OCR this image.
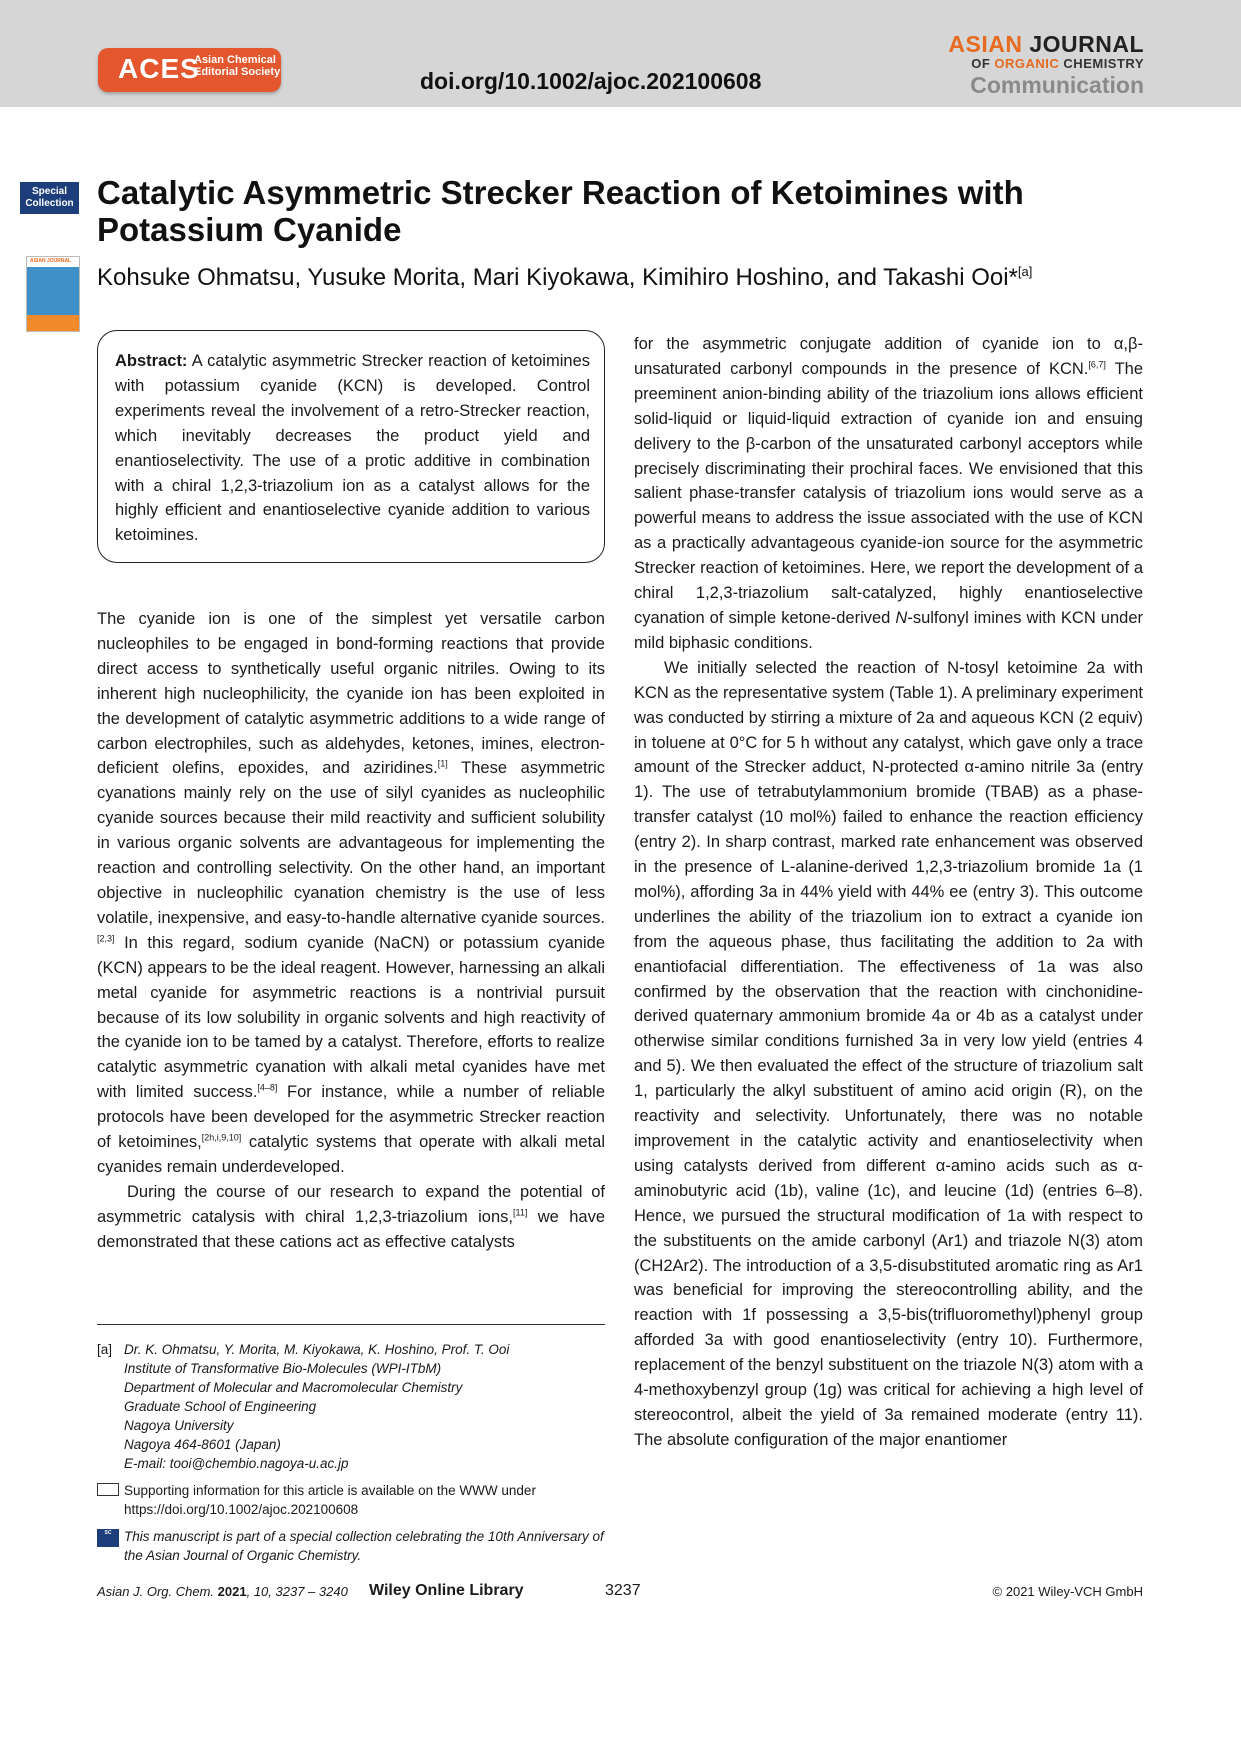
ACES
Asian Chemical
Editorial Society	doi.org/10.1002/ajoc.202100608
ASIAN JOURNAL
OF ORGANIC CHEMISTRY
Communication
Special
Collection
ASIAN JOURNAL
Catalytic Asymmetric Strecker Reaction of Ketoimines with Potassium Cyanide
Kohsuke Ohmatsu, Yusuke Morita, Mari Kiyokawa, Kimihiro Hoshino, and Takashi Ooi*[a]

Abstract: A catalytic asymmetric Strecker reaction of ketoimines with potassium cyanide (KCN) is developed. Control experiments reveal the involvement of a retro-Strecker reaction, which inevitably decreases the product yield and enantioselectivity. The use of a protic additive in combination with a chiral 1,2,3-triazolium ion as a catalyst allows for the highly efficient and enantioselective cyanide addition to various ketoimines.

The cyanide ion is one of the simplest yet versatile carbon nucleophiles to be engaged in bond-forming reactions that provide direct access to synthetically useful organic nitriles. Owing to its inherent high nucleophilicity, the cyanide ion has been exploited in the development of catalytic asymmetric additions to a wide range of carbon electrophiles, such as aldehydes, ketones, imines, electron-deficient olefins, epoxides, and aziridines.[1] These asymmetric cyanations mainly rely on the use of silyl cyanides as nucleophilic cyanide sources because their mild reactivity and sufficient solubility in various organic solvents are advantageous for implementing the reaction and controlling selectivity. On the other hand, an important objective in nucleophilic cyanation chemistry is the use of less volatile, inexpensive, and easy-to-handle alternative cyanide sources.[2,3] In this regard, sodium cyanide (NaCN) or potassium cyanide (KCN) appears to be the ideal reagent. However, harnessing an alkali metal cyanide for asymmetric reactions is a nontrivial pursuit because of its low solubility in organic solvents and high reactivity of the cyanide ion to be tamed by a catalyst. Therefore, efforts to realize catalytic asymmetric cyanation with alkali metal cyanides have met with limited success.[4–8] For instance, while a number of reliable protocols have been developed for the asymmetric Strecker reaction of ketoimines,[2h,i,9,10] catalytic systems that operate with alkali metal cyanides remain underdeveloped.

During the course of our research to expand the potential of asymmetric catalysis with chiral 1,2,3-triazolium ions,[11] we have demonstrated that these cations act as effective catalysts

for the asymmetric conjugate addition of cyanide ion to α,β-unsaturated carbonyl compounds in the presence of KCN.[6,7] The preeminent anion-binding ability of the triazolium ions allows efficient solid-liquid or liquid-liquid extraction of cyanide ion and ensuing delivery to the β-carbon of the unsaturated carbonyl acceptors while precisely discriminating their prochiral faces. We envisioned that this salient phase-transfer catalysis of triazolium ions would serve as a powerful means to address the issue associated with the use of KCN as a practically advantageous cyanide-ion source for the asymmetric Strecker reaction of ketoimines. Here, we report the development of a chiral 1,2,3-triazolium salt-catalyzed, highly enantioselective cyanation of simple ketone-derived N-sulfonyl imines with KCN under mild biphasic conditions.

We initially selected the reaction of N-tosyl ketoimine 2a with KCN as the representative system (Table 1). A preliminary experiment was conducted by stirring a mixture of 2a and aqueous KCN (2 equiv) in toluene at 0°C for 5 h without any catalyst, which gave only a trace amount of the Strecker adduct, N-protected α-amino nitrile 3a (entry 1). The use of tetrabutylammonium bromide (TBAB) as a phase-transfer catalyst (10 mol%) failed to enhance the reaction efficiency (entry 2). In sharp contrast, marked rate enhancement was observed in the presence of L-alanine-derived 1,2,3-triazolium bromide 1a (1 mol%), affording 3a in 44% yield with 44% ee (entry 3). This outcome underlines the ability of the triazolium ion to extract a cyanide ion from the aqueous phase, thus facilitating the addition to 2a with enantiofacial differentiation. The effectiveness of 1a was also confirmed by the observation that the reaction with cinchonidine-derived quaternary ammonium bromide 4a or 4b as a catalyst under otherwise similar conditions furnished 3a in very low yield (entries 4 and 5). We then evaluated the effect of the structure of triazolium salt 1, particularly the alkyl substituent of amino acid origin (R), on the reactivity and selectivity. Unfortunately, there was no notable improvement in the catalytic activity and enantioselectivity when using catalysts derived from different α-amino acids such as α-aminobutyric acid (1b), valine (1c), and leucine (1d) (entries 6–8). Hence, we pursued the structural modification of 1a with respect to the substituents on the amide carbonyl (Ar1) and triazole N(3) atom (CH2Ar2). The introduction of a 3,5-disubstituted aromatic ring as Ar1 was beneficial for improving the stereocontrolling ability, and the reaction with 1f possessing a 3,5-bis(trifluoromethyl)phenyl group afforded 3a with good enantioselectivity (entry 10). Furthermore, replacement of the benzyl substituent on the triazole N(3) atom with a 4-methoxybenzyl group (1g) was critical for achieving a high level of stereocontrol, albeit the yield of 3a remained moderate (entry 11). The absolute configuration of the major enantiomer

[a] Dr. K. Ohmatsu, Y. Morita, M. Kiyokawa, K. Hoshino, Prof. T. Ooi
Institute of Transformative Bio-Molecules (WPI-ITbM)
Department of Molecular and Macromolecular Chemistry
Graduate School of Engineering
Nagoya University
Nagoya 464-8601 (Japan)
E-mail: tooi@chembio.nagoya-u.ac.jp
Supporting information for this article is available on the WWW under https://doi.org/10.1002/ajoc.202100608
SC This manuscript is part of a special collection celebrating the 10th Anniversary of the Asian Journal of Organic Chemistry.
Asian J. Org. Chem. 2021, 10, 3237 – 3240 Wiley Online Library	3237	© 2021 Wiley-VCH GmbH
